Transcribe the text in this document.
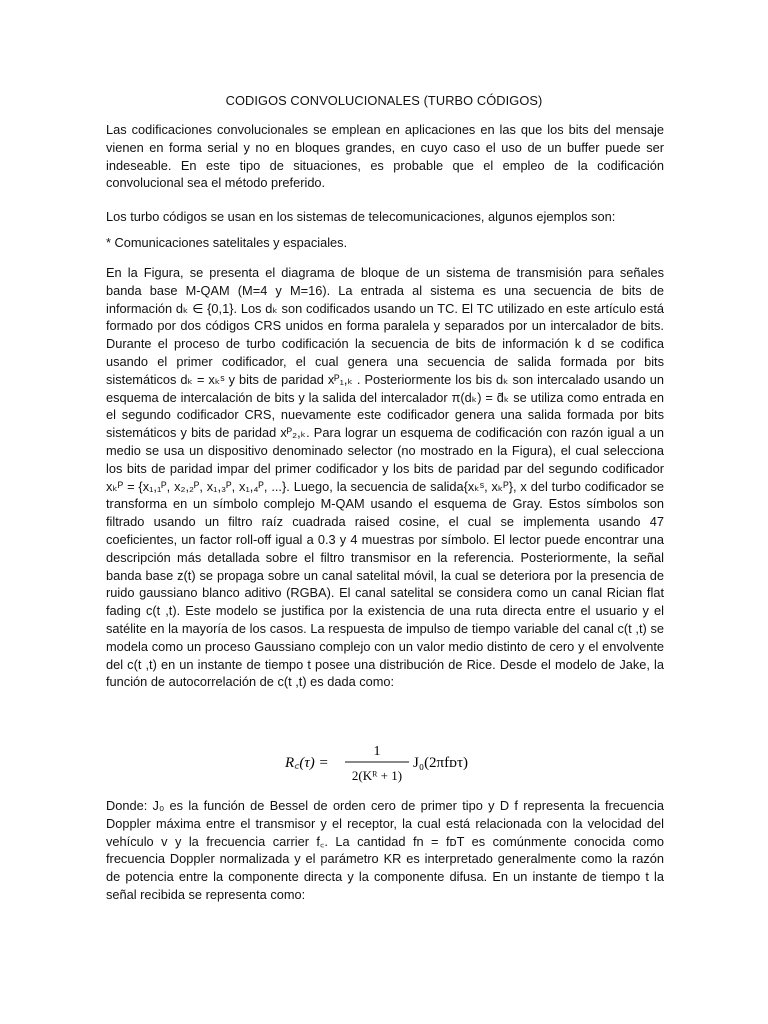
CODIGOS CONVOLUCIONALES (TURBO CÓDIGOS)

Las codificaciones convolucionales se emplean en aplicaciones en las que los bits del mensaje vienen en forma serial y no en bloques grandes, en cuyo caso el uso de un buffer puede ser indeseable. En este tipo de situaciones, es probable que el empleo de la codificación convolucional sea el método preferido.

Los turbo códigos se usan en los sistemas de telecomunicaciones, algunos ejemplos son:

* Comunicaciones satelitales y espaciales.

En la Figura, se presenta el diagrama de bloque de un sistema de transmisión para señales banda base M-QAM (M=4 y M=16). La entrada al sistema es una secuencia de bits de información dₖ ∈ {0,1}. Los dₖ son codificados usando un TC. El TC utilizado en este artículo está formado por dos códigos CRS unidos en forma paralela y separados por un intercalador de bits. Durante el proceso de turbo codificación la secuencia de bits de información k d se codifica usando el primer codificador, el cual genera una secuencia de salida formada por bits sistemáticos dₖ = xₖˢ y bits de paridad xᴾ₁,ₖ . Posteriormente los bis dₖ son intercalado usando un esquema de intercalación de bits y la salida del intercalador π(dₖ) = d̃ₖ se utiliza como entrada en el segundo codificador CRS, nuevamente este codificador genera una salida formada por bits sistemáticos y bits de paridad xᴾ₂,ₖ. Para lograr un esquema de codificación con razón igual a un medio se usa un dispositivo denominado selector (no mostrado en la Figura), el cual selecciona los bits de paridad impar del primer codificador y los bits de paridad par del segundo codificador xₖᴾ = {x₁,₁ᴾ, x₂,₂ᴾ, x₁,₃ᴾ, x₁,₄ᴾ, ...}. Luego, la secuencia de salida{xₖˢ, xₖᴾ}, x del turbo codificador se transforma en un símbolo complejo M-QAM usando el esquema de Gray. Estos símbolos son filtrado usando un filtro raíz cuadrada raised cosine, el cual se implementa usando 47 coeficientes, un factor roll-off igual a 0.3 y 4 muestras por símbolo. El lector puede encontrar una descripción más detallada sobre el filtro transmisor en la referencia. Posteriormente, la señal banda base z(t) se propaga sobre un canal satelital móvil, la cual se deteriora por la presencia de ruido gaussiano blanco aditivo (RGBA). El canal satelital se considera como un canal Rician flat fading c(t ,t). Este modelo se justifica por la existencia de una ruta directa entre el usuario y el satélite en la mayoría de los casos. La respuesta de impulso de tiempo variable del canal c(t ,t) se modela como un proceso Gaussiano complejo con un valor medio distinto de cero y el envolvente del c(t ,t) en un instante de tiempo t posee una distribución de Rice. Desde el modelo de Jake, la función de autocorrelación de c(t ,t) es dada como:

R꜀(τ) =
1
2(Kᴿ + 1)
J₀(2πfᴅτ)

Donde: J₀ es la función de Bessel de orden cero de primer tipo y D f representa la frecuencia Doppler máxima entre el transmisor y el receptor, la cual está relacionada con la velocidad del vehículo v y la frecuencia carrier f꜀. La cantidad fn = fᴅT es comúnmente conocida como frecuencia Doppler normalizada y el parámetro KR es interpretado generalmente como la razón de potencia entre la componente directa y la componente difusa. En un instante de tiempo t la señal recibida se representa como:
